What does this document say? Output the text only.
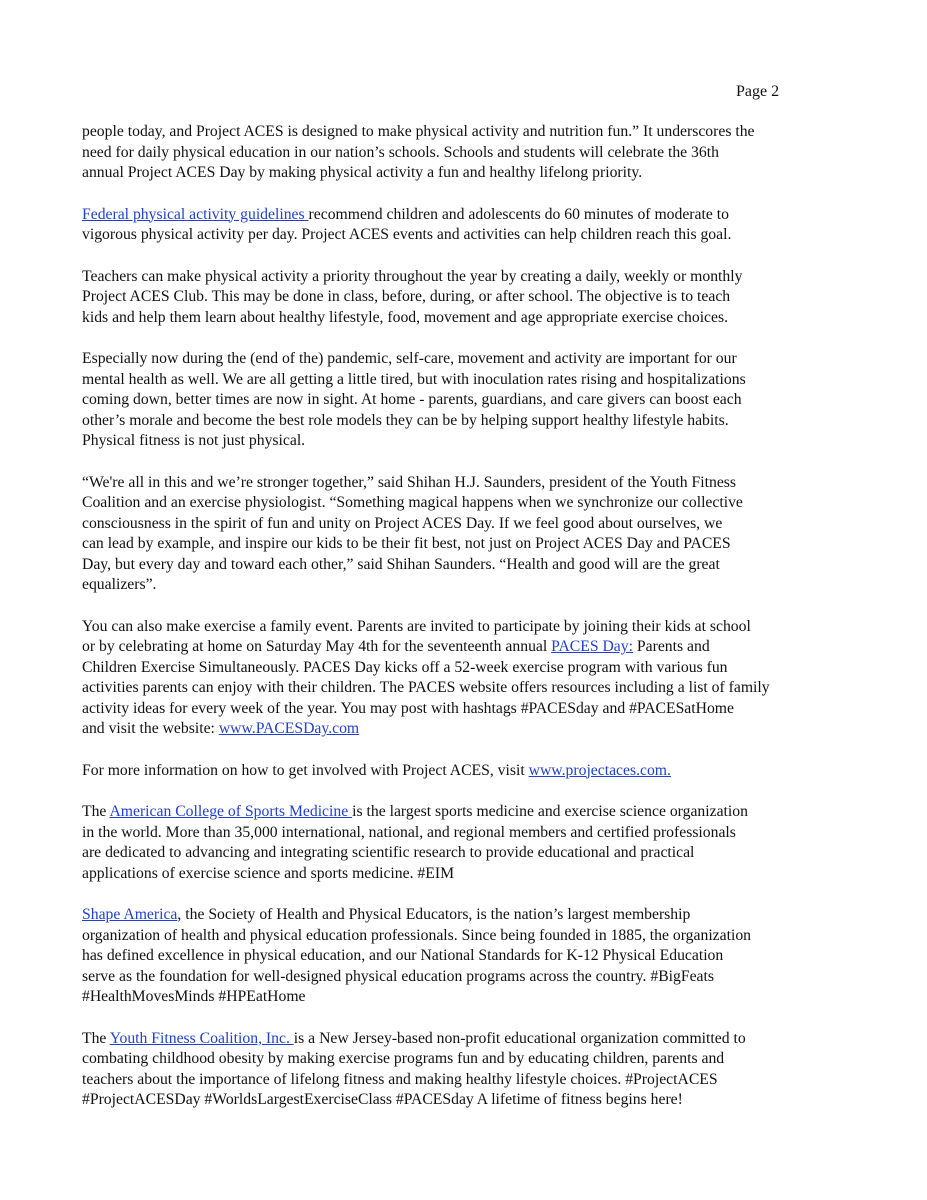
Page 2

people today, and Project ACES is designed to make physical activity and nutrition fun.” It underscores the
need for daily physical education in our nation’s schools. Schools and students will celebrate the 36th
annual Project ACES Day by making physical activity a fun and healthy lifelong priority.

Federal physical activity guidelines recommend children and adolescents do 60 minutes of moderate to
vigorous physical activity per day. Project ACES events and activities can help children reach this goal.

Teachers can make physical activity a priority throughout the year by creating a daily, weekly or monthly
Project ACES Club. This may be done in class, before, during, or after school. The objective is to teach
kids and help them learn about healthy lifestyle, food, movement and age appropriate exercise choices.

Especially now during the (end of the) pandemic, self-care, movement and activity are important for our
mental health as well. We are all getting a little tired, but with inoculation rates rising and hospitalizations
coming down, better times are now in sight. At home - parents, guardians, and care givers can boost each
other’s morale and become the best role models they can be by helping support healthy lifestyle habits.
Physical fitness is not just physical.

“We're all in this and we’re stronger together,” said Shihan H.J. Saunders, president of the Youth Fitness
Coalition and an exercise physiologist. “Something magical happens when we synchronize our collective
consciousness in the spirit of fun and unity on Project ACES Day. If we feel good about ourselves, we
can lead by example, and inspire our kids to be their fit best, not just on Project ACES Day and PACES
Day, but every day and toward each other,” said Shihan Saunders. “Health and good will are the great
equalizers”.

You can also make exercise a family event. Parents are invited to participate by joining their kids at school
or by celebrating at home on Saturday May 4th for the seventeenth annual PACES Day: Parents and
Children Exercise Simultaneously. PACES Day kicks off a 52-week exercise program with various fun
activities parents can enjoy with their children. The PACES website offers resources including a list of family
activity ideas for every week of the year. You may post with hashtags #PACESday and #PACESatHome
and visit the website: www.PACESDay.com

For more information on how to get involved with Project ACES, visit www.projectaces.com.

The American College of Sports Medicine is the largest sports medicine and exercise science organization
in the world. More than 35,000 international, national, and regional members and certified professionals
are dedicated to advancing and integrating scientific research to provide educational and practical
applications of exercise science and sports medicine. #EIM

Shape America, the Society of Health and Physical Educators, is the nation’s largest membership
organization of health and physical education professionals. Since being founded in 1885, the organization
has defined excellence in physical education, and our National Standards for K-12 Physical Education
serve as the foundation for well-designed physical education programs across the country. #BigFeats
#HealthMovesMinds #HPEatHome

The Youth Fitness Coalition, Inc. is a New Jersey-based non-profit educational organization committed to
combating childhood obesity by making exercise programs fun and by educating children, parents and
teachers about the importance of lifelong fitness and making healthy lifestyle choices. #ProjectACES
#ProjectACESDay #WorldsLargestExerciseClass #PACESday A lifetime of fitness begins here!
